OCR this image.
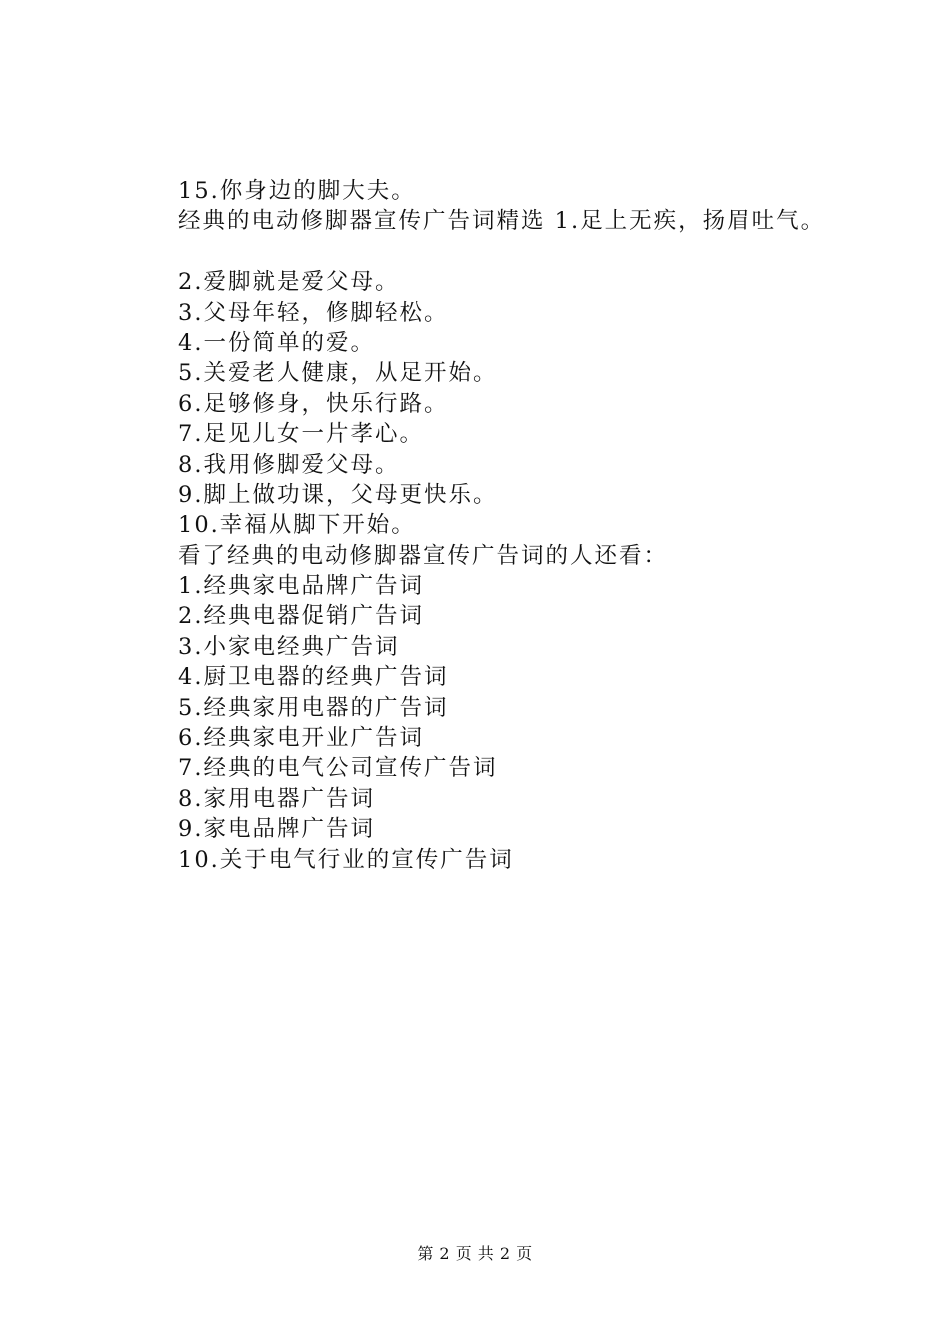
15.你身边的脚大夫。
经典的电动修脚器宣传广告词精选 1.足上无疾，扬眉吐气。
2.爱脚就是爱父母。
3.父母年轻，修脚轻松。
4.一份简单的爱。
5.关爱老人健康，从足开始。
6.足够修身，快乐行路。
7.足见儿女一片孝心。
8.我用修脚爱父母。
9.脚上做功课，父母更快乐。
10.幸福从脚下开始。
看了经典的电动修脚器宣传广告词的人还看：
1.经典家电品牌广告词
2.经典电器促销广告词
3.小家电经典广告词
4.厨卫电器的经典广告词
5.经典家用电器的广告词
6.经典家电开业广告词
7.经典的电气公司宣传广告词
8.家用电器广告词
9.家电品牌广告词
10.关于电气行业的宣传广告词
第 2 页 共 2 页
